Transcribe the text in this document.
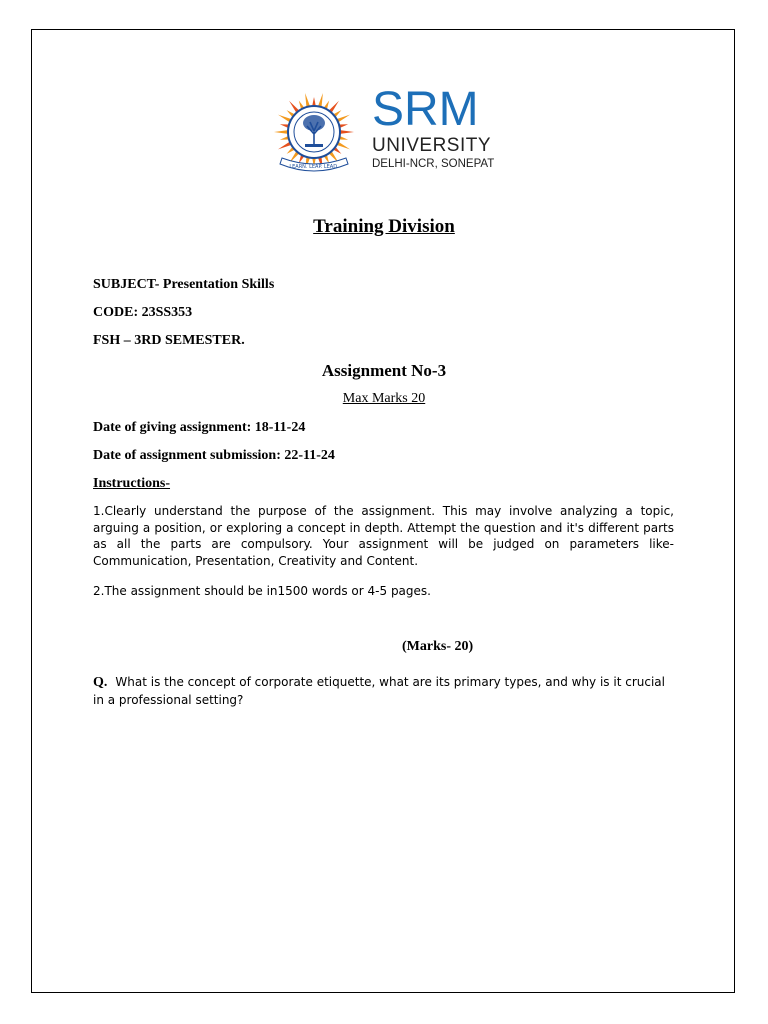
LEARN. LEAP. LEAD.
SRM
UNIVERSITY
DELHI-NCR, SONEPAT
Training Division
SUBJECT- Presentation Skills
CODE: 23SS353
FSH – 3RD SEMESTER.
Assignment No-3
Max Marks 20
Date of giving assignment: 18-11-24
Date of assignment submission: 22-11-24
Instructions-
1.Clearly understand the purpose of the assignment. This may involve analyzing a topic, arguing a position, or exploring a concept in depth. Attempt the question and it's different parts as all the parts are compulsory. Your assignment will be judged on parameters like- Communication, Presentation, Creativity and Content.
2.The assignment should be in1500 words or 4-5 pages.
(Marks- 20)
Q. What is the concept of corporate etiquette, what are its primary types, and why is it crucial in a professional setting?
